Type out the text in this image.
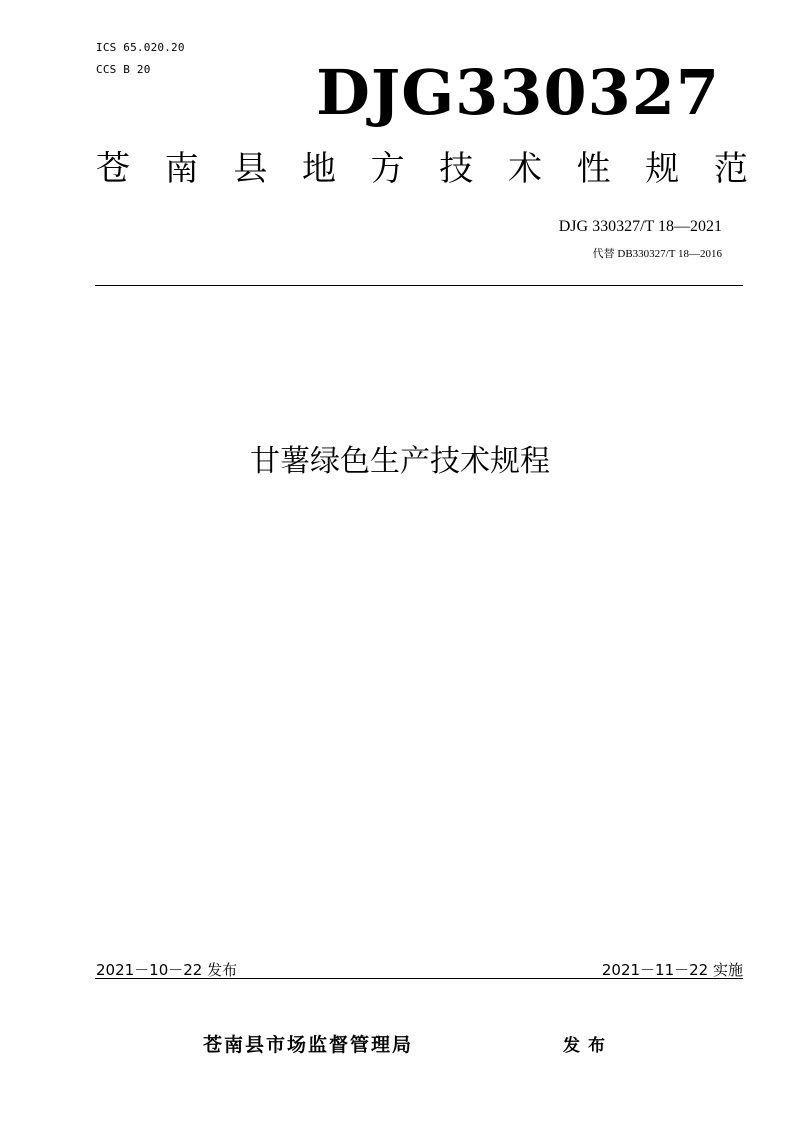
ICS 65.020.20
CCS B 20	DJG330327
苍 南 县 地 方 技 术 性 规 范
DJG 330327/T 18—2021
代替 DB330327/T 18—2016
甘薯绿色生产技术规程
2021－10－22 发布	2021－11－22 实施
苍南县市场监督管理局	发布
